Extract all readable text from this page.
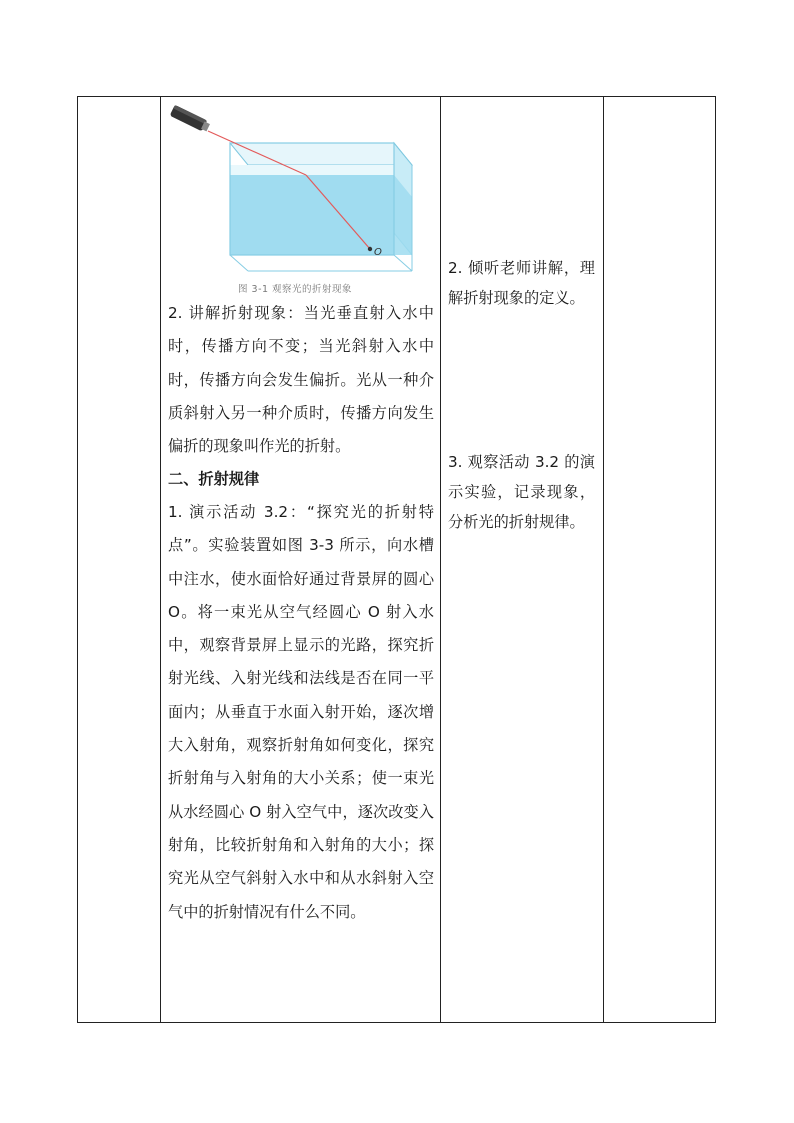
O
图 3-1 观察光的折射现象
2. 讲解折射现象：当光垂直射入水中时，传播方向不变；当光斜射入水中时，传播方向会发生偏折。光从一种介质斜射入另一种介质时，传播方向发生偏折的现象叫作光的折射。
二、折射规律
1. 演示活动 3.2：“探究光的折射特点”。实验装置如图 3-3 所示，向水槽中注水，使水面恰好通过背景屏的圆心 O。将一束光从空气经圆心 O 射入水中，观察背景屏上显示的光路，探究折射光线、入射光线和法线是否在同一平面内；从垂直于水面入射开始，逐次增大入射角，观察折射角如何变化，探究折射角与入射角的大小关系；使一束光从水经圆心 O 射入空气中，逐次改变入射角，比较折射角和入射角的大小；探究光从空气斜射入水中和从水斜射入空气中的折射情况有什么不同。
2. 倾听老师讲解，理解折射现象的定义。
3. 观察活动 3.2 的演示实验，记录现象，分析光的折射规律。
